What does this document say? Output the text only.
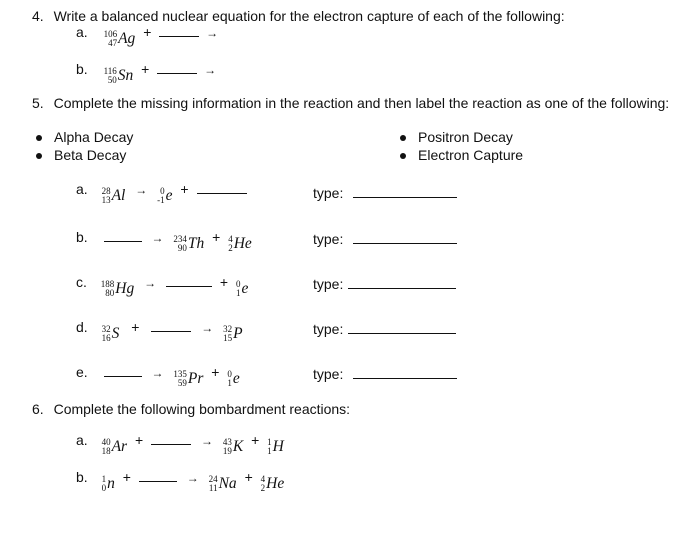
4. Write a balanced nuclear equation for the electron capture of each of the following:
a. 106
47 Ag +	→
b. 116
50 Sn +	→
5. Complete the missing information in the reaction and then label the reaction as one of the following:
Alpha Decay
Beta Decay
Positron Decay
Electron Capture
a. 28
13 Al →	0
-1 e +	type:
b.	→ 234
90 Th + 4
2 He	type:
c. 188
80 Hg →	+ 0
1 e	type:
d. 32
16 S +	→ 32
15 P	type:
e.	→ 135
59 Pr + 0
1 e	type:
6. Complete the following bombardment reactions:
a. 40
18 Ar +	→ 43
19 K + 1
1 H
b. 1
0 n +	→ 24
11 Na + 4
2 He
